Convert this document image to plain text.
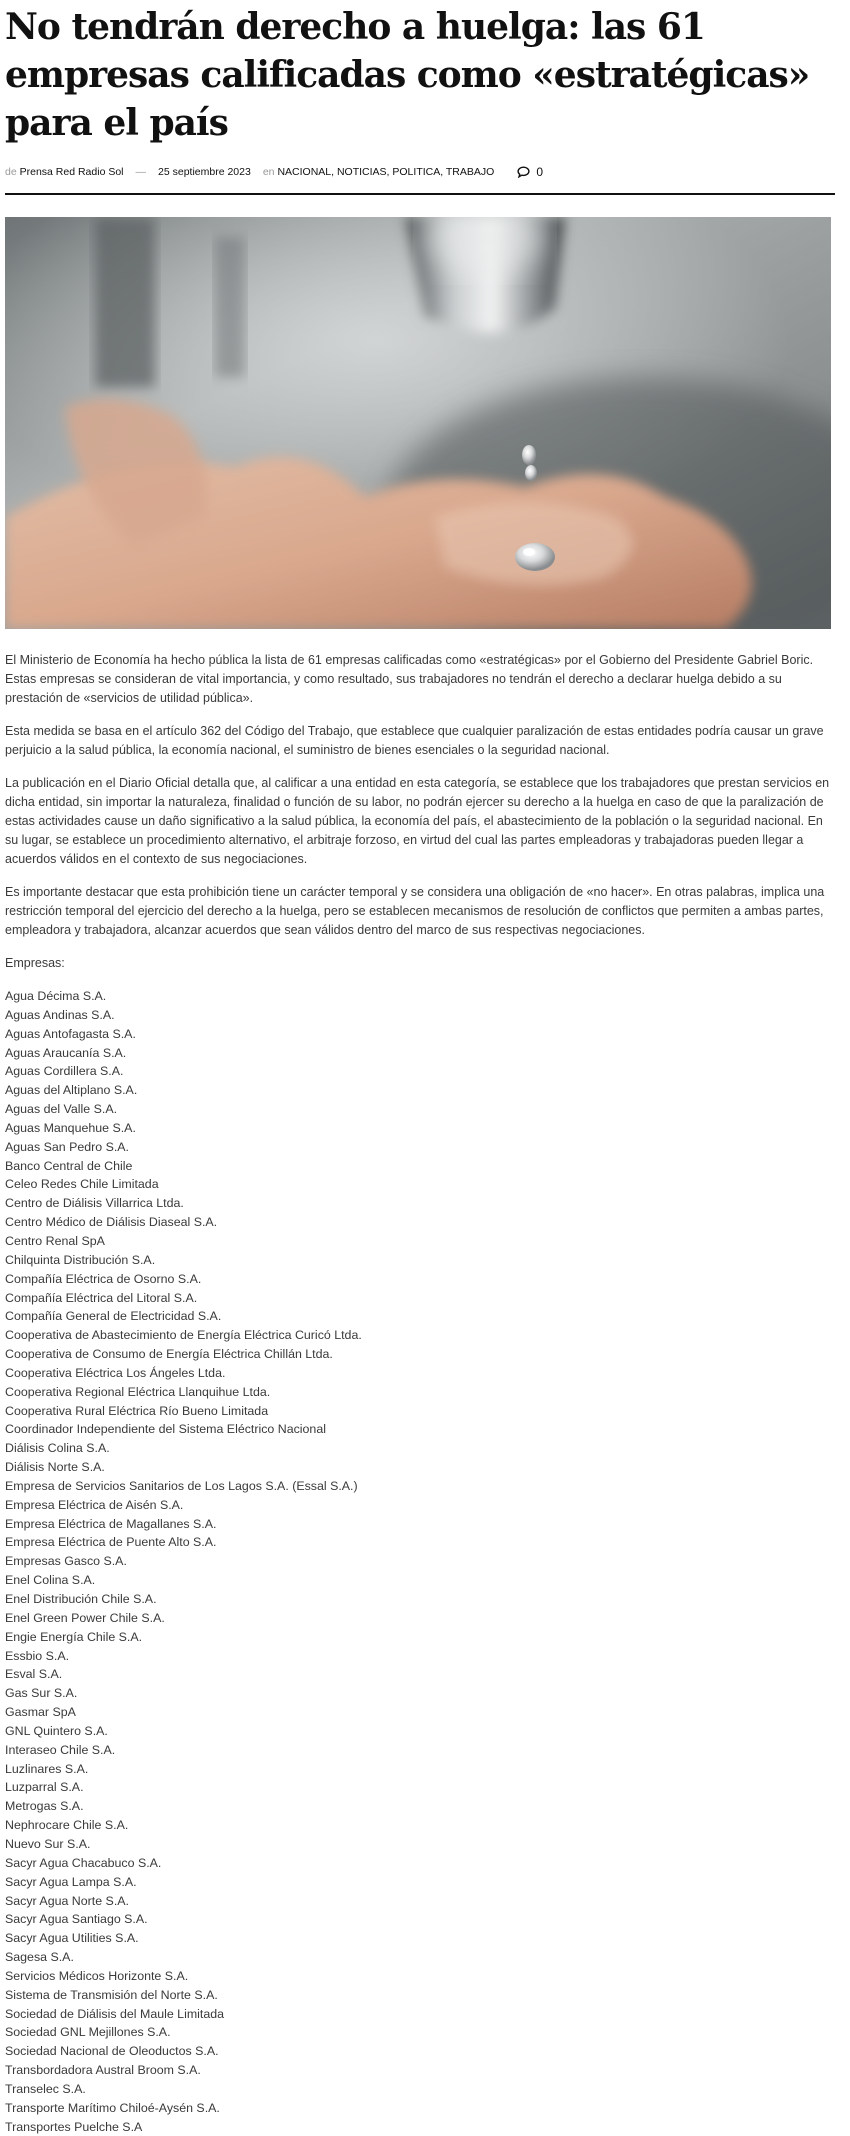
No tendrán derecho a huelga: las 61 empresas calificadas como «estratégicas» para el país
de
Prensa Red Radio Sol — 25 septiembre 2023 en
NACIONAL, NOTICIAS, POLITICA, TRABAJO	0

El Ministerio de Economía ha hecho pública la lista de 61 empresas calificadas como «estratégicas» por el Gobierno del Presidente Gabriel Boric. Estas empresas se consideran de vital importancia, y como resultado, sus trabajadores no tendrán el derecho a declarar huelga debido a su prestación de «servicios de utilidad pública».

Esta medida se basa en el artículo 362 del Código del Trabajo, que establece que cualquier paralización de estas entidades podría causar un grave perjuicio a la salud pública, la economía nacional, el suministro de bienes esenciales o la seguridad nacional.

La publicación en el Diario Oficial detalla que, al calificar a una entidad en esta categoría, se establece que los trabajadores que prestan servicios en dicha entidad, sin importar la naturaleza, finalidad o función de su labor, no podrán ejercer su derecho a la huelga en caso de que la paralización de estas actividades cause un daño significativo a la salud pública, la economía del país, el abastecimiento de la población o la seguridad nacional. En su lugar, se establece un procedimiento alternativo, el arbitraje forzoso, en virtud del cual las partes empleadoras y trabajadoras pueden llegar a acuerdos válidos en el contexto de sus negociaciones.

Es importante destacar que esta prohibición tiene un carácter temporal y se considera una obligación de «no hacer». En otras palabras, implica una restricción temporal del ejercicio del derecho a la huelga, pero se establecen mecanismos de resolución de conflictos que permiten a ambas partes, empleadora y trabajadora, alcanzar acuerdos que sean válidos dentro del marco de sus respectivas negociaciones.

Empresas:

Agua Décima S.A.
Aguas Andinas S.A.
Aguas Antofagasta S.A.
Aguas Araucanía S.A.
Aguas Cordillera S.A.
Aguas del Altiplano S.A.
Aguas del Valle S.A.
Aguas Manquehue S.A.
Aguas San Pedro S.A.
Banco Central de Chile
Celeo Redes Chile Limitada
Centro de Diálisis Villarrica Ltda.
Centro Médico de Diálisis Diaseal S.A.
Centro Renal SpA
Chilquinta Distribución S.A.
Compañía Eléctrica de Osorno S.A.
Compañía Eléctrica del Litoral S.A.
Compañía General de Electricidad S.A.
Cooperativa de Abastecimiento de Energía Eléctrica Curicó Ltda.
Cooperativa de Consumo de Energía Eléctrica Chillán Ltda.
Cooperativa Eléctrica Los Ángeles Ltda.
Cooperativa Regional Eléctrica Llanquihue Ltda.
Cooperativa Rural Eléctrica Río Bueno Limitada
Coordinador Independiente del Sistema Eléctrico Nacional
Diálisis Colina S.A.
Diálisis Norte S.A.
Empresa de Servicios Sanitarios de Los Lagos S.A. (Essal S.A.)
Empresa Eléctrica de Aisén S.A.
Empresa Eléctrica de Magallanes S.A.
Empresa Eléctrica de Puente Alto S.A.
Empresas Gasco S.A.
Enel Colina S.A.
Enel Distribución Chile S.A.
Enel Green Power Chile S.A.
Engie Energía Chile S.A.
Essbio S.A.
Esval S.A.
Gas Sur S.A.
Gasmar SpA
GNL Quintero S.A.
Interaseo Chile S.A.
Luzlinares S.A.
Luzparral S.A.
Metrogas S.A.
Nephrocare Chile S.A.
Nuevo Sur S.A.
Sacyr Agua Chacabuco S.A.
Sacyr Agua Lampa S.A.
Sacyr Agua Norte S.A.
Sacyr Agua Santiago S.A.
Sacyr Agua Utilities S.A.
Sagesa S.A.
Servicios Médicos Horizonte S.A.
Sistema de Transmisión del Norte S.A.
Sociedad de Diálisis del Maule Limitada
Sociedad GNL Mejillones S.A.
Sociedad Nacional de Oleoductos S.A.
Transbordadora Austral Broom S.A.
Transelec S.A.
Transporte Marítimo Chiloé-Aysén S.A.
Transportes Puelche S.A
